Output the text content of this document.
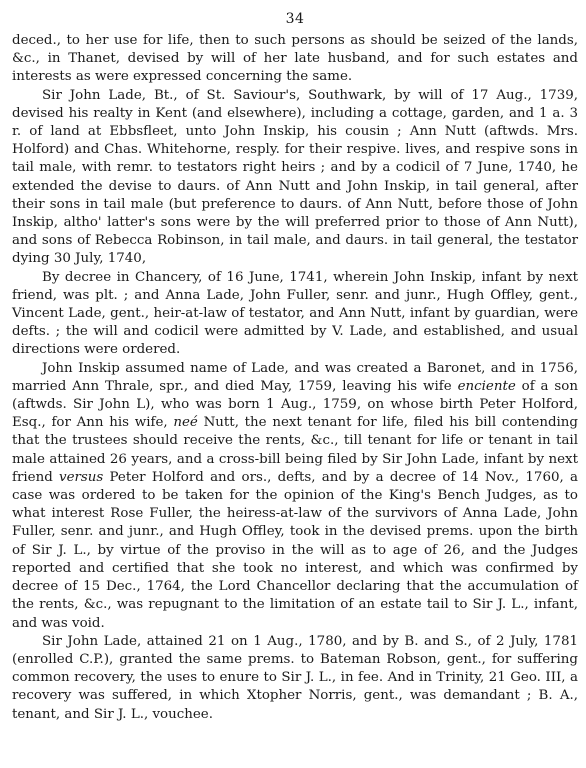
34

deced., to her use for life, then to such persons as should be seized of the lands, &c., in Thanet, devised by will of her late husband, and for such estates and interests as were expressed concerning the same.

Sir John Lade, Bt., of St. Saviour's, Southwark, by will of 17 Aug., 1739, devised his realty in Kent (and elsewhere), including a cottage, garden, and 1 a. 3 r. of land at Ebbsfleet, unto John Inskip, his cousin ; Ann Nutt (aftwds. Mrs. Holford) and Chas. Whitehorne, resply. for their respive. lives, and respive sons in tail male, with remr. to testators right heirs ; and by a codicil of 7 June, 1740, he extended the devise to daurs. of Ann Nutt and John Inskip, in tail general, after their sons in tail male (but preference to daurs. of Ann Nutt, before those of John Inskip, altho' latter's sons were by the will preferred prior to those of Ann Nutt), and sons of Rebecca Robinson, in tail male, and daurs. in tail general, the testator dying 30 July, 1740,

By decree in Chancery, of 16 June, 1741, wherein John Inskip, infant by next friend, was plt. ; and Anna Lade, John Fuller, senr. and junr., Hugh Offley, gent., Vincent Lade, gent., heir-at-law of testator, and Ann Nutt, infant by guardian, were defts. ; the will and codicil were admitted by V. Lade, and established, and usual directions were ordered.

John Inskip assumed name of Lade, and was created a Baronet, and in 1756, married Ann Thrale, spr., and died May, 1759, leaving his wife enciente of a son (aftwds. Sir John L), who was born 1 Aug., 1759, on whose birth Peter Holford, Esq., for Ann his wife, neé Nutt, the next tenant for life, filed his bill contending that the trustees should receive the rents, &c., till tenant for life or tenant in tail male attained 26 years, and a cross-bill being filed by Sir John Lade, infant by next friend versus Peter Holford and ors., defts, and by a decree of 14 Nov., 1760, a case was ordered to be taken for the opinion of the King's Bench Judges, as to what interest Rose Fuller, the heiress-at-law of the survivors of Anna Lade, John Fuller, senr. and junr., and Hugh Offley, took in the devised prems. upon the birth of Sir J. L., by virtue of the proviso in the will as to age of 26, and the Judges reported and certified that she took no interest, and which was confirmed by decree of 15 Dec., 1764, the Lord Chancellor declaring that the accumulation of the rents, &c., was repugnant to the limitation of an estate tail to Sir J. L., infant, and was void.

Sir John Lade, attained 21 on 1 Aug., 1780, and by B. and S., of 2 July, 1781 (enrolled C.P.), granted the same prems. to Bateman Robson, gent., for suffering common recovery, the uses to enure to Sir J. L., in fee. And in Trinity, 21 Geo. III, a recovery was suffered, in which Xtopher Norris, gent., was demandant ; B. A., tenant, and Sir J. L., vouchee.
